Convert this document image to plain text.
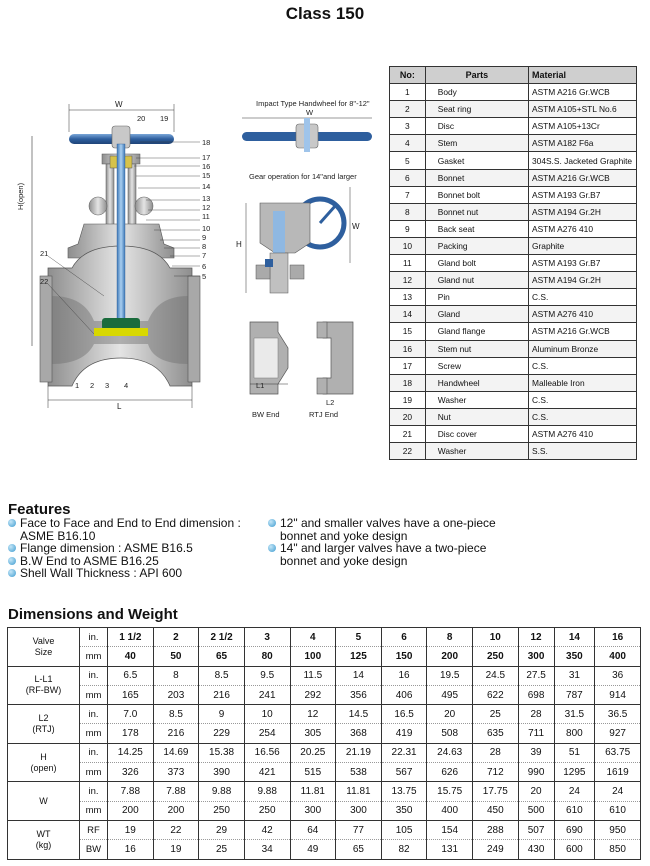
Class 150
W
H(open)
L
20 19
18
17
16
15
14
13
12
11
10
9
8
7
6
5
21
22
1 2 3 4
Impact Type Handwheel for 8"-12"
W
Gear operation for 14"and larger
H
W
L1
BW End
L2
RTJ End
No:	Parts	Material
1	Body	ASTM A216 Gr.WCB
2	Seat ring	ASTM A105+STL No.6
3	Disc	ASTM A105+13Cr
4	Stem	ASTM A182 F6a
5	Gasket	304S.S. Jacketed Graphite
6	Bonnet	ASTM A216 Gr.WCB
7	Bonnet bolt	ASTM A193 Gr.B7
8	Bonnet nut	ASTM A194 Gr.2H
9	Back seat	ASTM A276 410
10	Packing	Graphite
11	Gland bolt	ASTM A193 Gr.B7
12	Gland nut	ASTM A194 Gr.2H
13	Pin	C.S.
14	Gland	ASTM A276 410
15	Gland flange	ASTM A216 Gr.WCB
16	Stem nut	Aluminum Bronze
17	Screw	C.S.
18	Handwheel	Malleable Iron
19	Washer	C.S.
20	Nut	C.S.
21	Disc cover	ASTM A276 410
22	Washer	S.S.
Features
Face to Face and End to End dimension :
ASME B16.10
Flange dimension : ASME B16.5
B.W End to ASME B16.25
Shell Wall Thickness : API 600
12" and smaller valves have a one-piece
bonnet and yoke design
14" and larger valves have a two-piece
bonnet and yoke design
Dimensions and Weight
Valve
Size	in.	1 1/2	2	2 1/2	3	4	5	6	8	10	12	14	16
	mm	40	50	65	80	100	125	150	200	250	300	350	400

L-L1
(RF-BW)	in.	6.5	8	8.5	9.5	11.5	14	16	19.5	24.5	27.5	31	36
	mm	165	203	216	241	292	356	406	495	622	698	787	914

L2
(RTJ)	in.	7.0	8.5	9	10	12	14.5	16.5	20	25	28	31.5	36.5
	mm	178	216	229	254	305	368	419	508	635	711	800	927

H
(open)	in.	14.25	14.69	15.38	16.56	20.25	21.19	22.31	24.63	28	39	51	63.75
	mm	326	373	390	421	515	538	567	626	712	990	1295	1619

W	in.	7.88	7.88	9.88	9.88	11.81	11.81	13.75	15.75	17.75	20	24	24
	mm	200	200	250	250	300	300	350	400	450	500	610	610

WT
(kg)	RF	19	22	29	42	64	77	105	154	288	507	690	950
	BW	16	19	25	34	49	65	82	131	249	430	600	850
